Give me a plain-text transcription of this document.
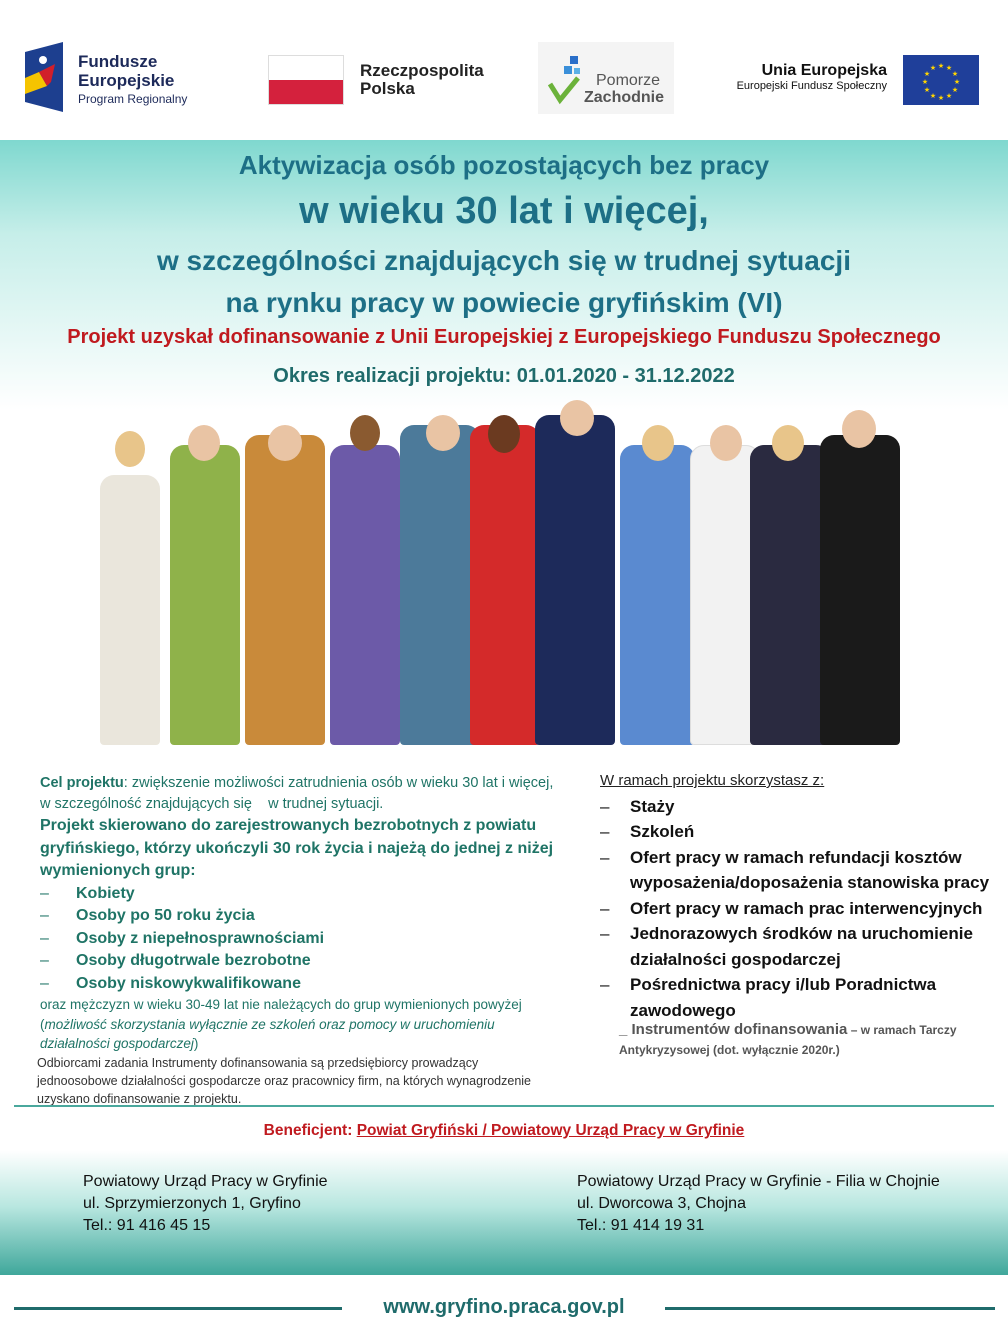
Fundusze
Europejskie
Program Regionalny
Rzeczpospolita
Polska	Pomorze
Zachodnie
Unia Europejska
Europejski Fundusz Społeczny
★
★
★	★
★
★
★
★
★
★
★
★
Aktywizacja osób pozostających bez pracy
w wieku 30 lat i więcej,
w szczególności znajdujących się w trudnej sytuacji
na rynku pracy w powiecie gryfińskim (VI)
Projekt uzyskał dofinansowanie z Unii Europejskiej z Europejskiego Funduszu Społecznego
Okres realizacji projektu: 01.01.2020 - 31.12.2022
Cel projektu: zwiększenie możliwości zatrudnienia osób w wieku 30 lat i więcej, w szczególność znajdujących się    w trudnej sytuacji.
Projekt skierowano do zarejestrowanych bezrobotnych z powiatu gryfińskiego, którzy ukończyli 30 rok życia i najeżą do jednej z niżej wymienionych grup:
– Kobiety
– Osoby po 50 roku życia
– Osoby z niepełnosprawnościami
– Osoby długotrwale bezrobotne
– Osoby niskowykwalifikowane
oraz mężczyzn w wieku 30-49 lat nie należących do grup wymienionych powyżej (możliwość skorzystania wyłącznie ze szkoleń oraz pomocy w uruchomieniu działalności gospodarczej)
Odbiorcami zadania Instrumenty dofinansowania są przedsiębiorcy prowadzący jednoosobowe działalności gospodarcze oraz pracownicy firm, na których wynagrodzenie uzyskano dofinansowanie z projektu.
W ramach projektu skorzystasz z:
–	Staży
–	Szkoleń
–	Ofert pracy w ramach refundacji kosztów wyposażenia/doposażenia stanowiska pracy
–	Ofert pracy w ramach prac interwencyjnych
–	Jednorazowych środków na uruchomienie działalności gospodarczej
–	Pośrednictwa pracy i/lub Poradnictwa zawodowego
_ Instrumentów dofinansowania – w ramach Tarczy Antykryzysowej (dot. wyłącznie 2020r.)
Beneficjent: Powiat Gryfiński / Powiatowy Urząd Pracy w Gryfinie
Powiatowy Urząd Pracy w Gryfinie
ul. Sprzymierzonych 1, Gryfino
Tel.: 91 416 45 15
Powiatowy Urząd Pracy w Gryfinie - Filia w Chojnie
ul. Dworcowa 3, Chojna
Tel.: 91 414 19 31
www.gryfino.praca.gov.pl
